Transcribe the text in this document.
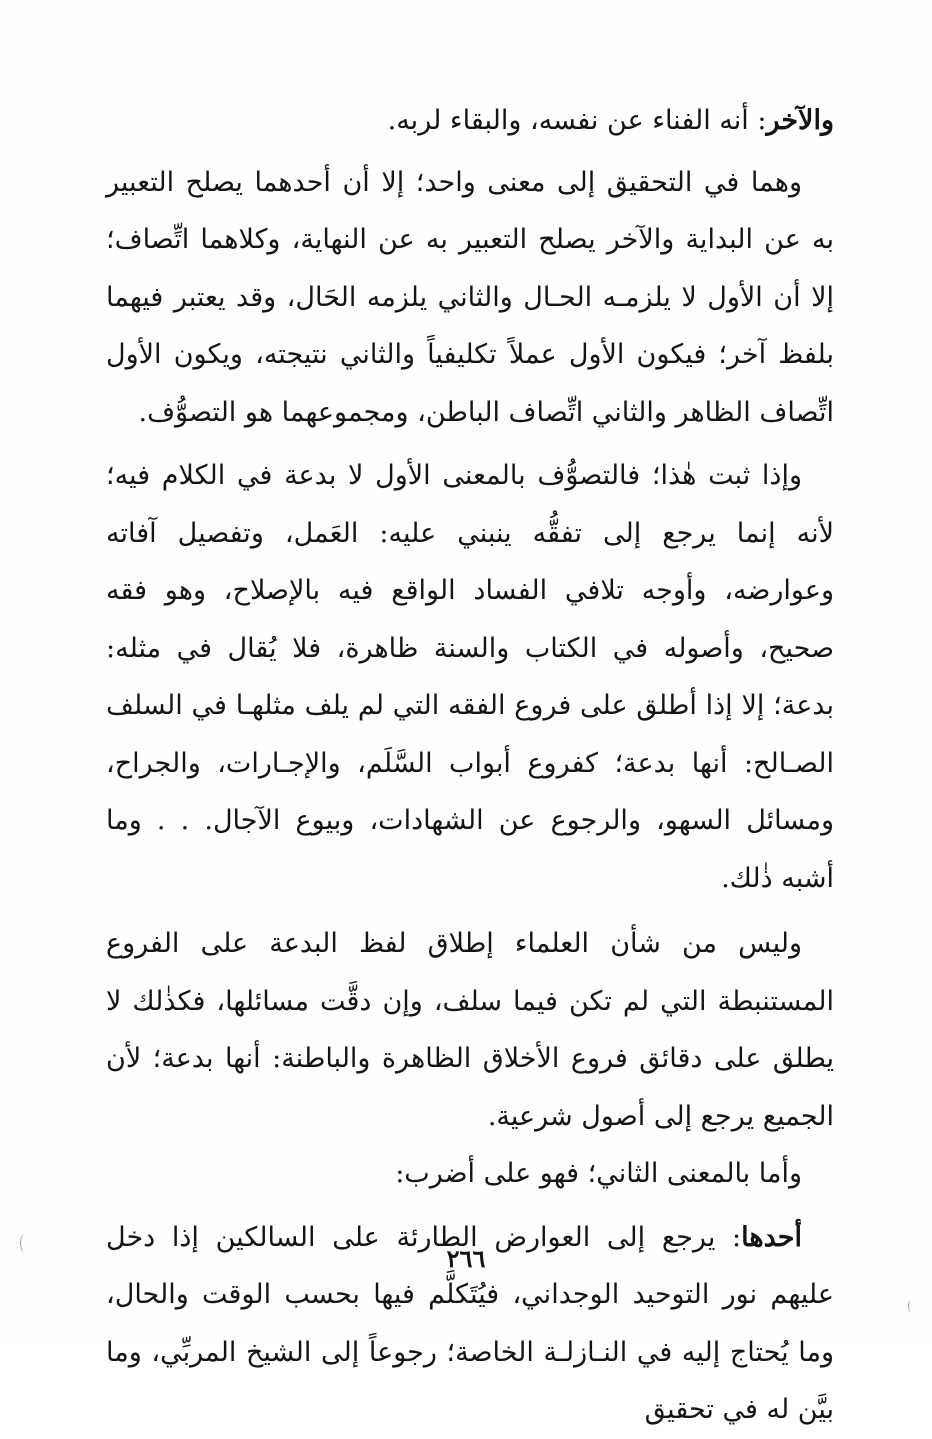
والآخر: أنه الفناء عن نفسه، والبقاء لربه.

وهما في التحقيق إلى معنى واحد؛ إلا أن أحدهما يصلح التعبير به عن البداية والآخر يصلح التعبير به عن النهاية، وكلاهما اتِّصاف؛ إلا أن الأول لا يلزمـه الحـال والثاني يلزمه الحَال، وقد يعتبر فيهما بلفظ آخر؛ فيكون الأول عملاً تكليفياً والثاني نتيجته، ويكون الأول اتِّصاف الظاهر والثاني اتِّصاف الباطن، ومجموعهما هو التصوُّف.

وإذا ثبت هٰذا؛ فالتصوُّف بالمعنى الأول لا بدعة في الكلام فيه؛ لأنه إنما يرجع إلى تفقُّه ينبني عليه: العَمل، وتفصيل آفاته وعوارضه، وأوجه تلافي الفساد الواقع فيه بالإصلاح، وهو فقه صحيح، وأصوله في الكتاب والسنة ظاهرة، فلا يُقال في مثله: بدعة؛ إلا إذا أطلق على فروع الفقه التي لم يلف مثلهـا في السلف الصـالح: أنها بدعة؛ كفروع أبواب السَّلَم، والإجـارات، والجراح، ومسائل السهو، والرجوع عن الشهادات، وبيوع الآجال. . . وما أشبه ذٰلك.

وليس من شأن العلماء إطلاق لفظ البدعة على الفروع المستنبطة التي لم تكن فيما سلف، وإن دقَّت مسائلها، فكذٰلك لا يطلق على دقائق فروع الأخلاق الظاهرة والباطنة: أنها بدعة؛ لأن الجميع يرجع إلى أصول شرعية.

وأما بالمعنى الثاني؛ فهو على أضرب:

أحدها: يرجع إلى العوارض الطارئة على السالكين إذا دخل عليهم نور التوحيد الوجداني، فيُتَكلَّم فيها بحسب الوقت والحال، وما يُحتاج إليه في النـازلـة الخاصة؛ رجوعاً إلى الشيخ المربِّي، وما بيَّن له في تحقيق

٢٦٦
